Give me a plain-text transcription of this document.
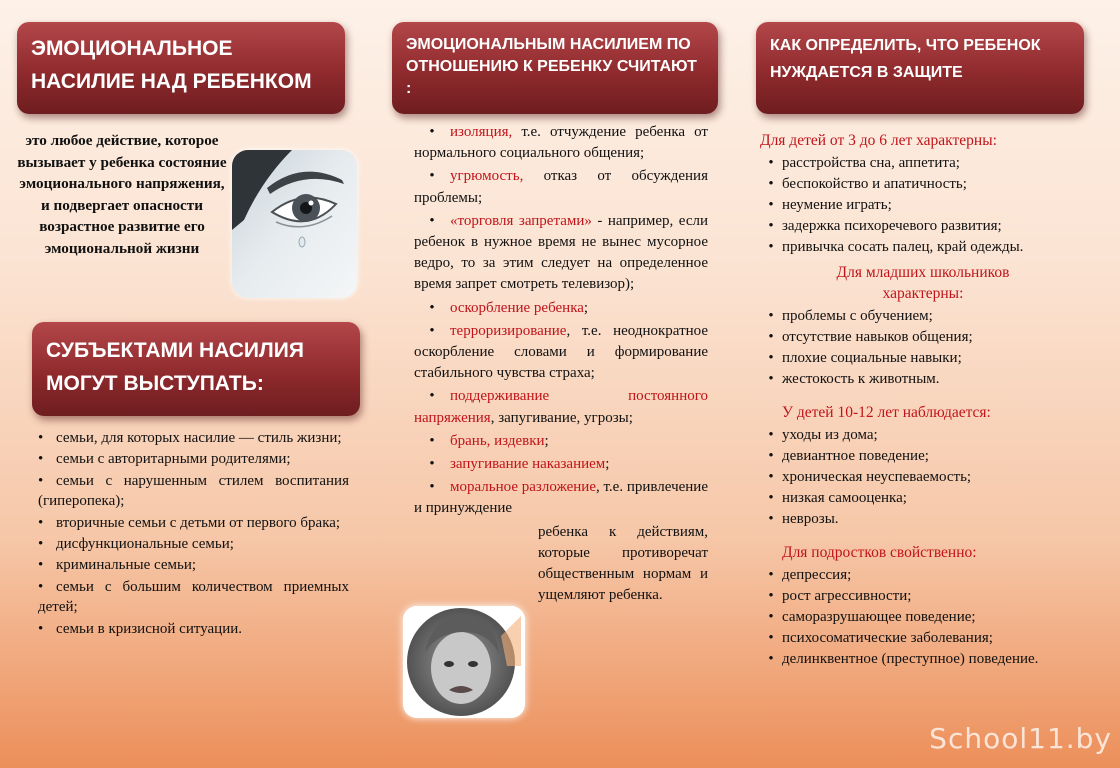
ЭМОЦИОНАЛЬНОЕ НАСИЛИЕ НАД РЕБЕНКОМ
это любое действие, которое вызывает у ребенка состояние эмоционального напряжения, и подвергает опасности возрастное развитие его эмоциональной жизни
СУБЪЕКТАМИ НАСИЛИЯ МОГУТ ВЫСТУПАТЬ:
• семьи, для которых насилие — стиль жизни;
• семьи с авторитарными родителями;
• семьи с нарушенным стилем воспитания (гиперопека);
• вторичные семьи с детьми от первого брака;
• дисфункциональные семьи;
• криминальные семьи;
• семьи с большим количеством приемных детей;
• семьи в кризисной ситуации.
ЭМОЦИОНАЛЬНЫМ НАСИЛИЕМ ПО ОТНОШЕНИЮ К РЕБЕНКУ СЧИТАЮТ :
• изоляция, т.е. отчуждение ребенка от нормального социального общения;
• угрюмость, отказ от обсуждения проблемы;
• «торговля запретами» - например, если ребенок в нужное время не вынес мусорное ведро, то за этим следует на определенное время запрет смотреть телевизор);
• оскорбление ребенка;
• терроризирование, т.е. неоднократное оскорбление словами и формирование стабильного чувства страха;
• поддерживание постоянного напряжения, запугивание, угрозы;
• брань, издевки;
• запугивание наказанием;
• моральное разложение, т.е. привлечение и принуждение
ребенка к действиям, которые противоречат общественным нормам и ущемляют ребенка.
КАК ОПРЕДЕЛИТЬ, ЧТО РЕБЕНОК НУЖДАЕТСЯ В ЗАЩИТЕ
Для детей от 3 до 6 лет характерны:
• расстройства сна, аппетита;
• беспокойство и апатичность;
• неумение играть;
• задержка психоречевого развития;
• привычка сосать палец, край одежды.
Для младших школьников характерны:
• проблемы с обучением;
• отсутствие навыков общения;
• плохие социальные навыки;
• жестокость к животным.
У детей 10-12 лет наблюдается:
• уходы из дома;
• девиантное поведение;
• хроническая неуспеваемость;
• низкая самооценка;
• неврозы.
Для подростков свойственно:
• депрессия;
• рост агрессивности;
• саморазрушающее поведение;
• психосоматические заболевания;
• делинквентное (преступное) поведение.
School11.by
